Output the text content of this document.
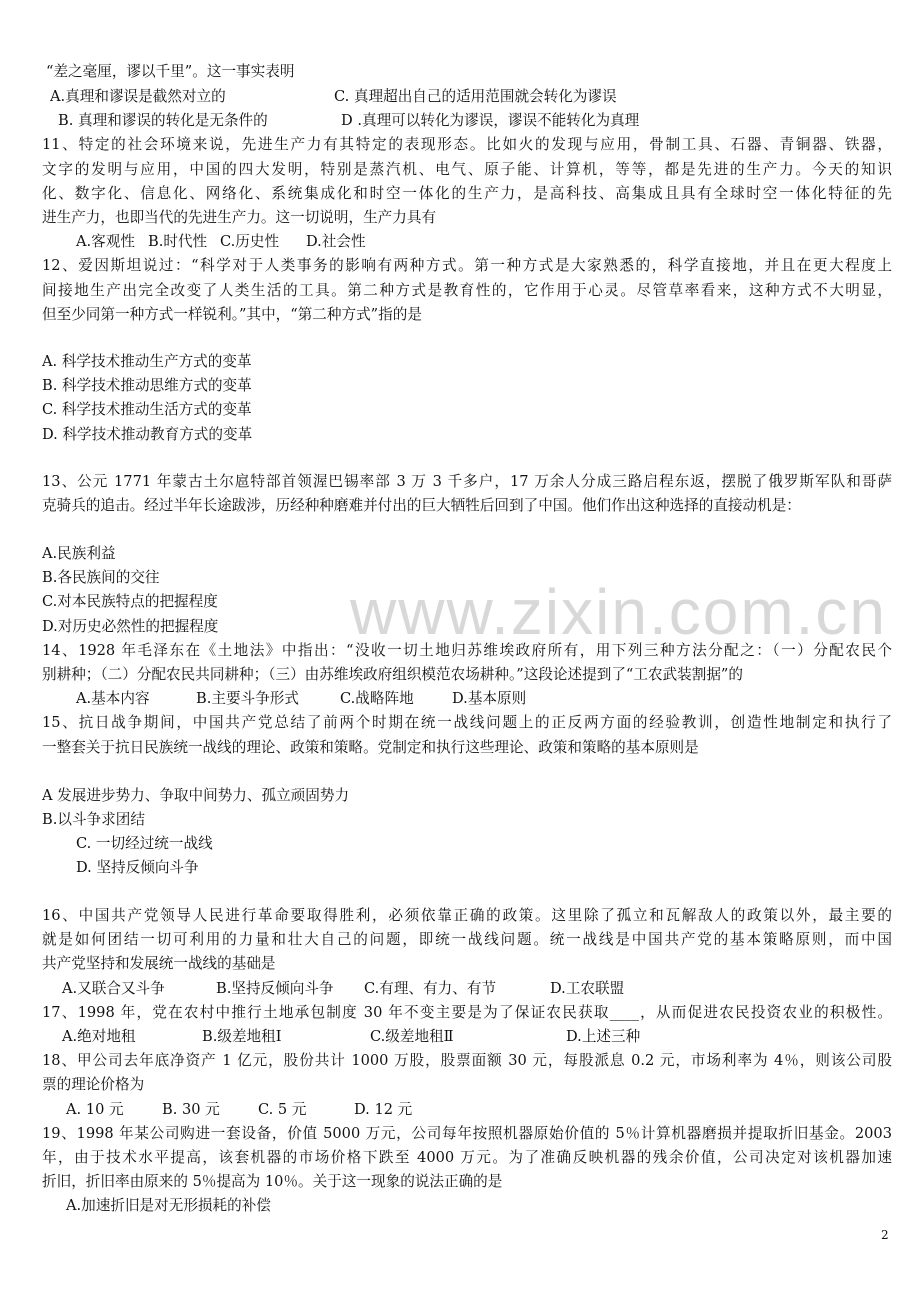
www.zixin.com.cn
“差之毫厘，谬以千里”。这一事实表明
A.真理和谬误是截然对立的	C. 真理超出自己的适用范围就会转化为谬误
B. 真理和谬误的转化是无条件的	D .真理可以转化为谬误，谬误不能转化为真理
11、特定的社会环境来说，先进生产力有其特定的表现形态。比如火的发现与应用，骨制工具、石器、青铜器、铁器，
文字的发明与应用，中国的四大发明，特别是蒸汽机、电气、原子能、计算机，等等，都是先进的生产力。今天的知识
化、数字化、信息化、网络化、系统集成化和时空一体化的生产力，是高科技、高集成且具有全球时空一体化特征的先
进生产力，也即当代的先进生产力。这一切说明，生产力具有
A.客观性 B.时代性 C.历史性	D.社会性
12、爱因斯坦说过：“科学对于人类事务的影响有两种方式。第一种方式是大家熟悉的，科学直接地，并且在更大程度上
间接地生产出完全改变了人类生活的工具。第二种方式是教育性的，它作用于心灵。尽管草率看来，这种方式不大明显，
但至少同第一种方式一样锐利。”其中，“第二种方式”指的是
A. 科学技术推动生产方式的变革
B. 科学技术推动思维方式的变革
C. 科学技术推动生活方式的变革
D. 科学技术推动教育方式的变革
13、公元 1771 年蒙古土尔扈特部首领渥巴锡率部 3 万 3 千多户，17 万余人分成三路启程东返，摆脱了俄罗斯军队和哥萨
克骑兵的追击。经过半年长途跋涉，历经种种磨难并付出的巨大牺牲后回到了中国。他们作出这种选择的直接动机是：
A.民族利益
B.各民族间的交往
C.对本民族特点的把握程度
D.对历史必然性的把握程度
14、1928 年毛泽东在《土地法》中指出：“没收一切土地归苏维埃政府所有，用下列三种方法分配之：（一）分配农民个
别耕种；（二）分配农民共同耕种；（三）由苏维埃政府组织模范农场耕种。”这段论述提到了“工农武装割据”的
A.基本内容	B.主要斗争形式	C.战略阵地	D.基本原则
15、抗日战争期间，中国共产党总结了前两个时期在统一战线问题上的正反两方面的经验教训，创造性地制定和执行了
一整套关于抗日民族统一战线的理论、政策和策略。党制定和执行这些理论、政策和策略的基本原则是
A 发展进步势力、争取中间势力、孤立顽固势力
B.以斗争求团结
C. 一切经过统一战线
D. 坚持反倾向斗争
16、中国共产党领导人民进行革命要取得胜利，必须依靠正确的政策。这里除了孤立和瓦解敌人的政策以外，最主要的
就是如何团结一切可利用的力量和壮大自己的问题，即统一战线问题。统一战线是中国共产党的基本策略原则，而中国
共产党坚持和发展统一战线的基础是
A.又联合又斗争	B.坚持反倾向斗争	C.有理、有力、有节	D.工农联盟
17、1998 年，党在农村中推行土地承包制度 30 年不变主要是为了保证农民获取____，从而促进农民投资农业的积极性。
A.绝对地租	B.级差地租Ⅰ	C.级差地租Ⅱ	D.上述三种
18、甲公司去年底净资产 1 亿元，股份共计 1000 万股，股票面额 30 元，每股派息 0.2 元，市场利率为 4％，则该公司股
票的理论价格为
A. 10 元	B. 30 元	C. 5 元	D. 12 元
19、1998 年某公司购进一套设备，价值 5000 万元，公司每年按照机器原始价值的 5％计算机器磨损并提取折旧基金。2003
年，由于技术水平提高，该套机器的市场价格下跌至 4000 万元。为了准确反映机器的残余价值，公司决定对该机器加速
折旧，折旧率由原来的 5％提高为 10％。关于这一现象的说法正确的是
A.加速折旧是对无形损耗的补偿
2
